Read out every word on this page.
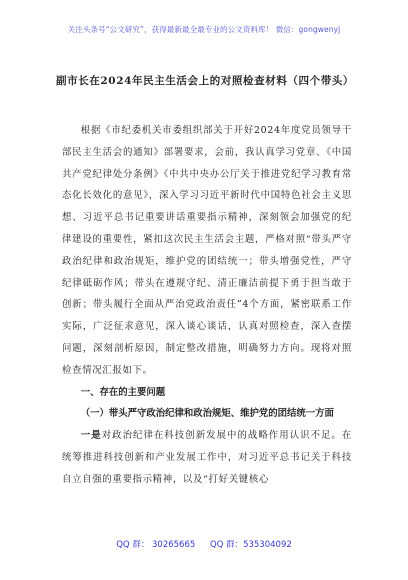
关注头条号“公文研究”，获得最新最全最专业的公文资料库！ 微信：gongwenyj
副市长在2024年民主生活会上的对照检查材料（四个带头）

根据《市纪委机关市委组织部关于开好2024年度党员领导干部民主生活会的通知》部署要求，会前，我认真学习党章、《中国共产党纪律处分条例》《中共中央办公厅关于推进党纪学习教育常态化长效化的意见》，深入学习习近平新时代中国特色社会主义思想、习近平总书记重要讲话重要指示精神，深刻领会加强党的纪律建设的重要性，紧扣这次民主生活会主题，严格对照“带头严守政治纪律和政治规矩，维护党的团结统一；带头增强党性，严守纪律砥砺作风；带头在遵规守纪、清正廉洁前提下勇于担当敢于创新；带头履行全面从严治党政治责任”4个方面，紧密联系工作实际，广泛征求意见，深入谈心谈话，认真对照检查，深入查摆问题，深刻剖析原因，制定整改措施，明确努力方向。现将对照检查情况汇报如下。

一、存在的主要问题

（一）带头严守政治纪律和政治规矩、维护党的团结统一方面

一是对政治纪律在科技创新发展中的战略作用认识不足。在统筹推进科技创新和产业发展工作中，对习近平总书记关于科技自立自强的重要指示精神，以及“打好关键核心

QQ 群： 30265665 QQ 群：535304092
